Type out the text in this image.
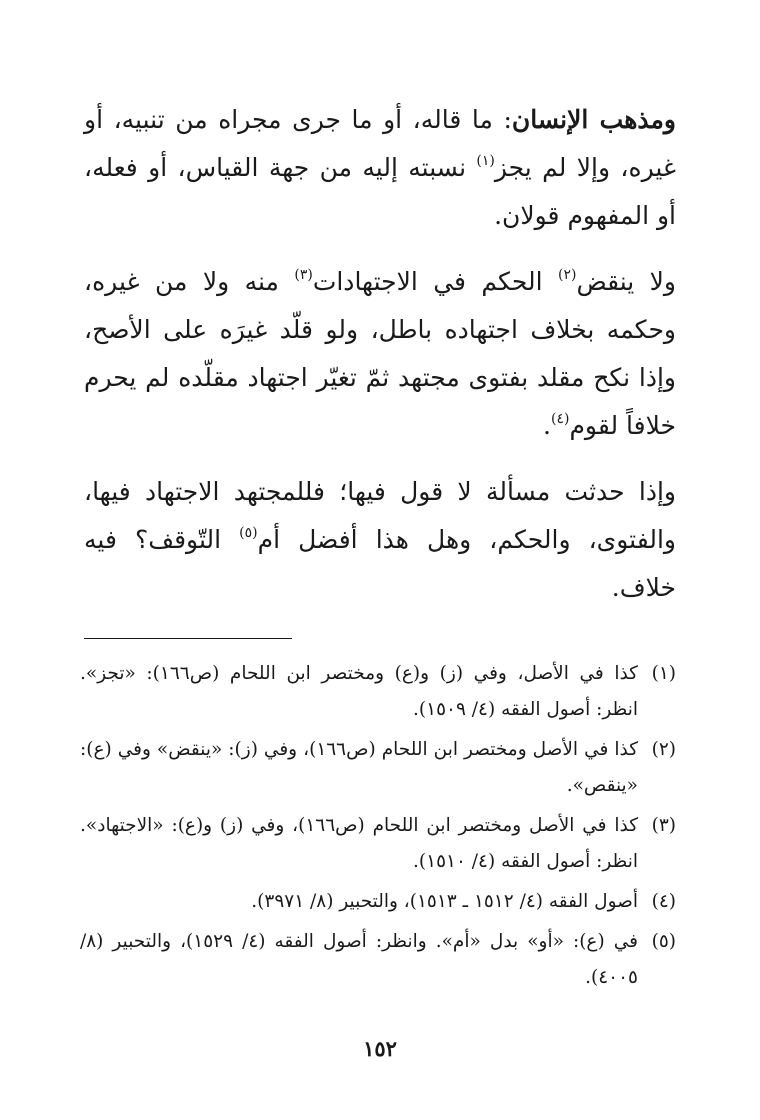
ومذهب الإنسان: ما قاله، أو ما جرى مجراه من تنبيه، أو غيره، وإلا لم يجز$^{(١)}$ نسبته إليه من جهة القياس، أو فعله، أو المفهوم قولان.

ولا ينقض$^{(٢)}$ الحكم في الاجتهادات$^{(٣)}$ منه ولا من غيره، وحكمه بخلاف اجتهاده باطل، ولو قلّد غيرَه على الأصح، وإذا نكح مقلد بفتوى مجتهد ثمّ تغيّر اجتهاد مقلّده لم يحرم خلافاً لقوم$^{(٤)}$.

وإذا حدثت مسألة لا قول فيها؛ فللمجتهد الاجتهاد فيها، والفتوى، والحكم، وهل هذا أفضل أم$^{(٥)}$ التّوقف؟ فيه خلاف.

(١)
كذا في الأصل، وفي (ز) و(ع) ومختصر ابن اللحام (ص١٦٦): «تجز». انظر: أصول الفقه (٤/ ١٥٠٩).
(٢)
كذا في الأصل ومختصر ابن اللحام (ص١٦٦)، وفي (ز): «ينقض» وفي (ع): «ينقص».
(٣)
كذا في الأصل ومختصر ابن اللحام (ص١٦٦)، وفي (ز) و(ع): «الاجتهاد». انظر: أصول الفقه (٤/ ١٥١٠).
(٤)
أصول الفقه (٤/ ١٥١٢ ـ ١٥١٣)، والتحبير (٨/ ٣٩٧١).
(٥)
في (ع): «أو» بدل «أم». وانظر: أصول الفقه (٤/ ١٥٢٩)، والتحبير (٨/ ٤٠٠٥).
١٥٢
